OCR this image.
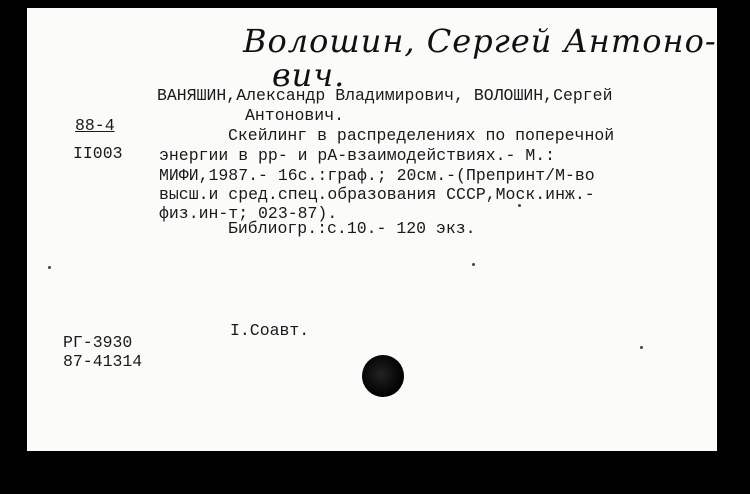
Волошин, Сергей Антоно-
вич.
88-4
II003
ВАНЯШИН,Александр Владимирович, ВОЛОШИН,Сергей
Антонович.
Скейлинг в распределениях по поперечной
энергии в рр- и рА-взаимодействиях.- М.:
МИФИ,1987.- 16с.:граф.; 20см.-(Препринт/М-во
высш.и сред.спец.образования СССР,Моск.инж.-
физ.ин-т; 023-87).
Библиогр.:с.10.- 120 экз.
I.Соавт.
РГ-3930
87-41314
